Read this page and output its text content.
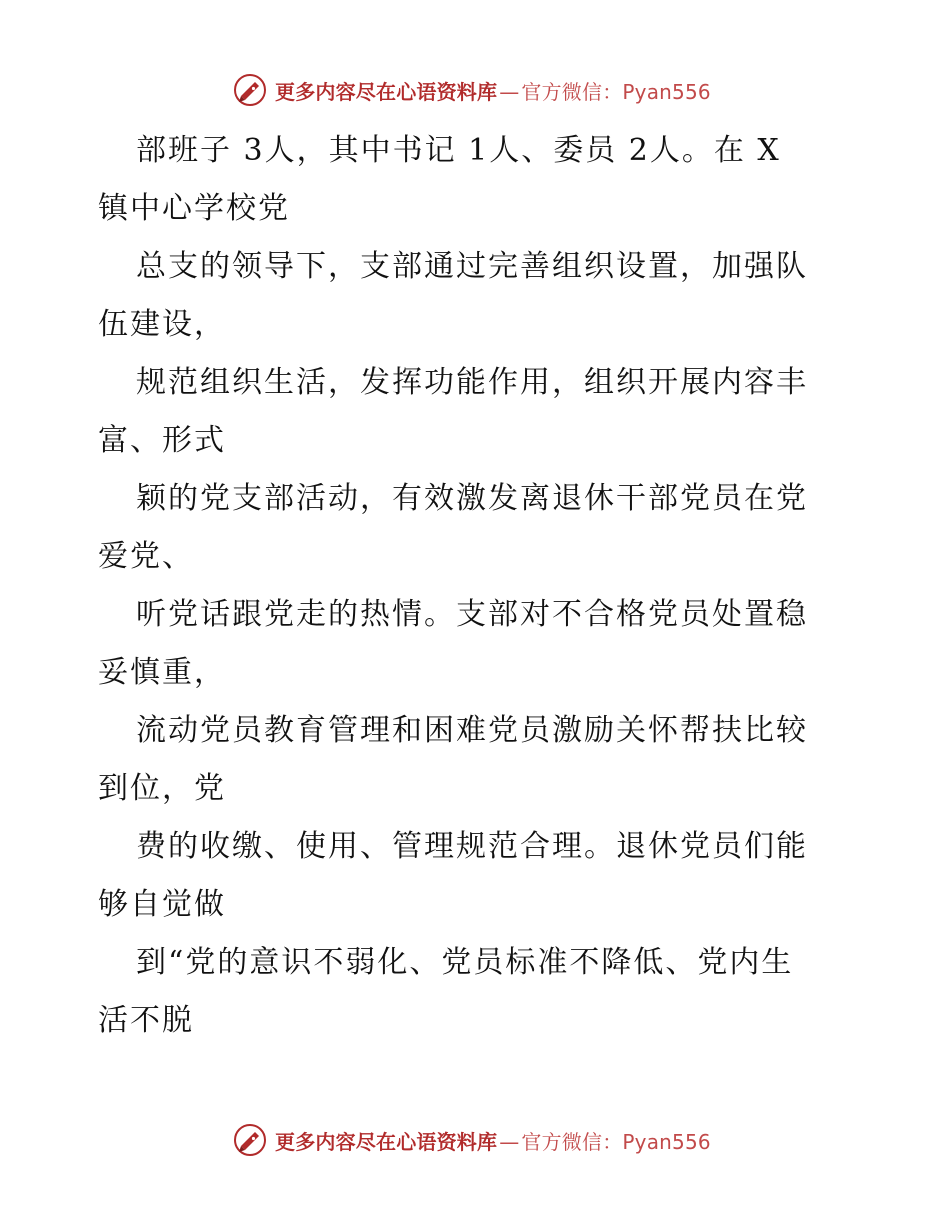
更多内容尽在心语资料库 — 官方微信：Pyan556

部班子 3人，其中书记 1人、委员 2人。在 X
镇中心学校党

总支的领导下，支部通过完善组织设置，加强队
伍建设，

规范组织生活，发挥功能作用，组织开展内容丰
富、形式

颖的党支部活动，有效激发离退休干部党员在党
爱党、

听党话跟党走的热情。支部对不合格党员处置稳
妥慎重，

流动党员教育管理和困难党员激励关怀帮扶比较
到位，党

费的收缴、使用、管理规范合理。退休党员们能
够自觉做

到“党的意识不弱化、党员标准不降低、党内生
活不脱

更多内容尽在心语资料库 — 官方微信：Pyan556
